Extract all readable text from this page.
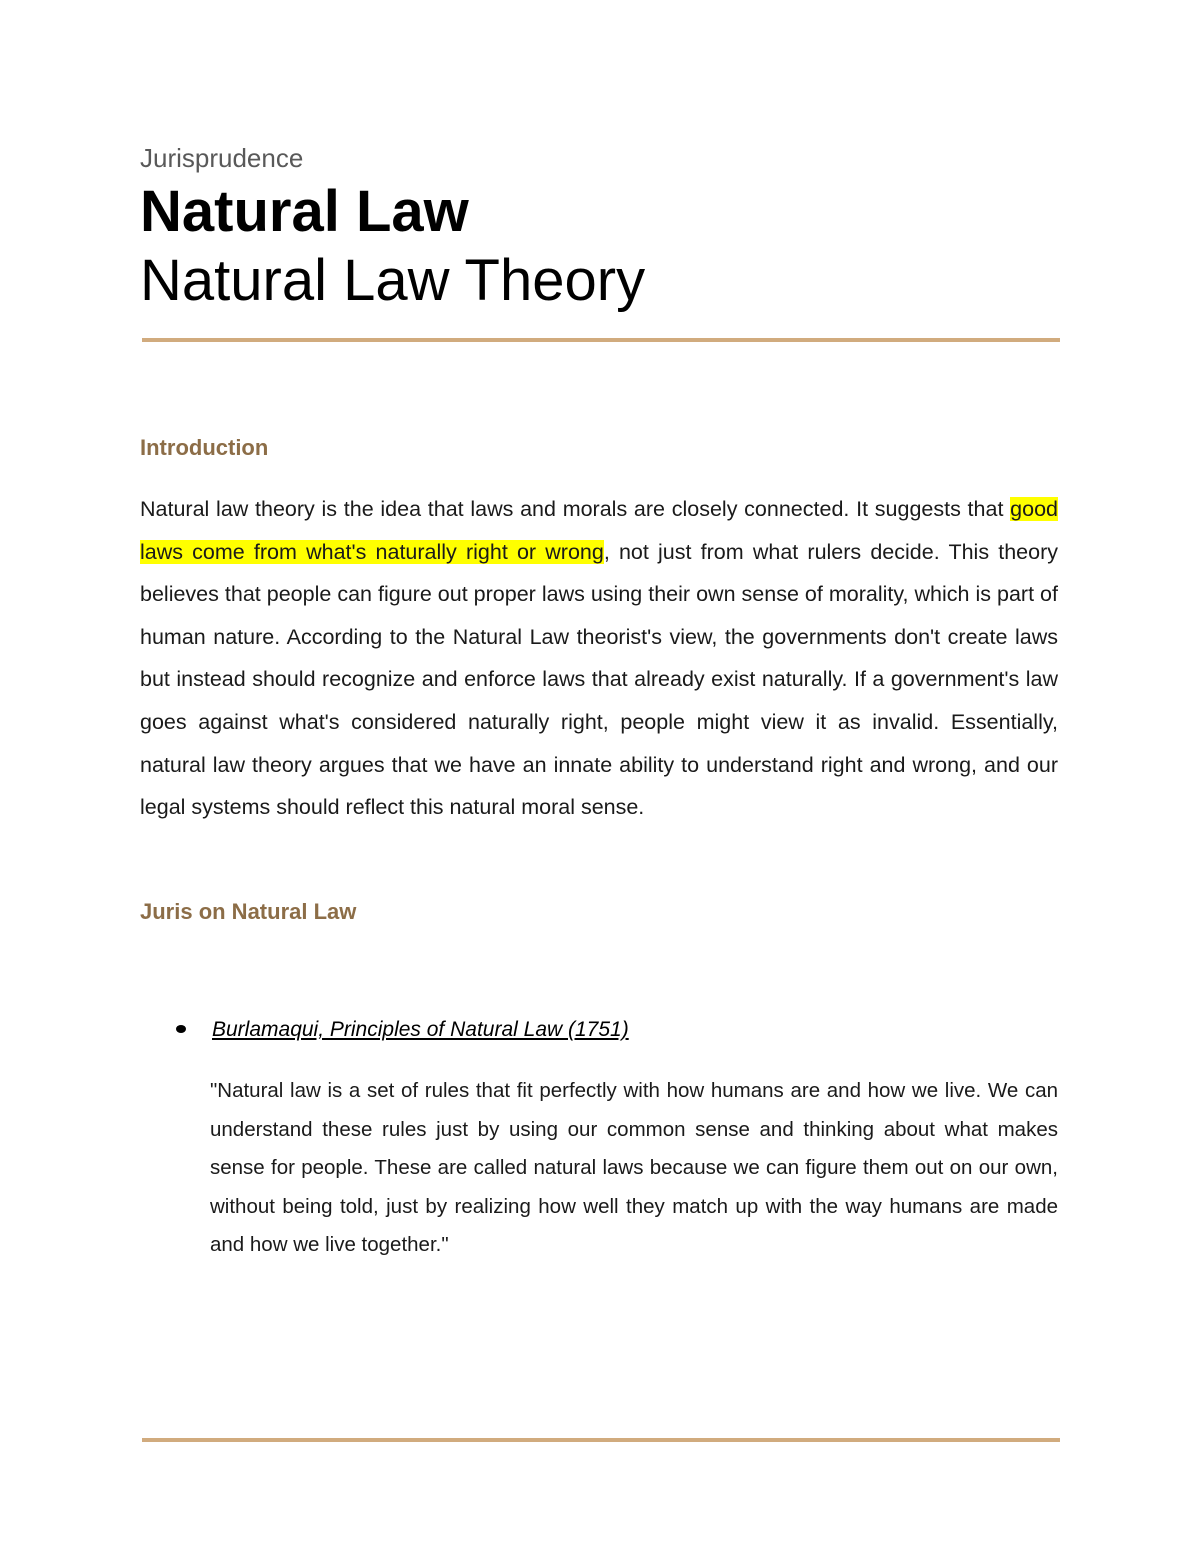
Jurisprudence
Natural Law
Natural Law Theory
Introduction
Natural law theory is the idea that laws and morals are closely connected. It suggests that good laws come from what's naturally right or wrong, not just from what rulers decide. This theory believes that people can figure out proper laws using their own sense of morality, which is part of human nature. According to the Natural Law theorist's view, the governments don't create laws but instead should recognize and enforce laws that already exist naturally. If a government's law goes against what's considered naturally right, people might view it as invalid. Essentially, natural law theory argues that we have an innate ability to understand right and wrong, and our legal systems should reflect this natural moral sense.
Juris on Natural Law
Burlamaqui, Principles of Natural Law (1751)
"Natural law is a set of rules that fit perfectly with how humans are and how we live. We can understand these rules just by using our common sense and thinking about what makes sense for people. These are called natural laws because we can figure them out on our own, without being told, just by realizing how well they match up with the way humans are made and how we live together."
